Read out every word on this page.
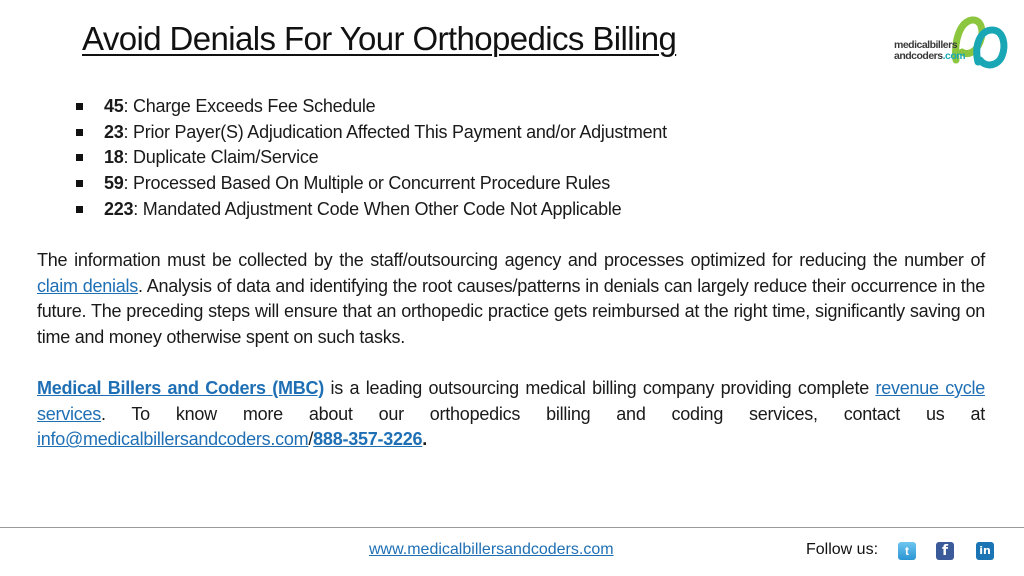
Avoid Denials For Your Orthopedics Billing	medicalbillers
andcoders.com
45: Charge Exceeds Fee Schedule
23: Prior Payer(S) Adjudication Affected This Payment and/or Adjustment
18: Duplicate Claim/Service
59: Processed Based On Multiple or Concurrent Procedure Rules
223: Mandated Adjustment Code When Other Code Not Applicable

The information must be collected by the staff/outsourcing agency and processes optimized for reducing the number of claim denials. Analysis of data and identifying the root causes/patterns in denials can largely reduce their occurrence in the future. The preceding steps will ensure that an orthopedic practice gets reimbursed at the right time, significantly saving on time and money otherwise spent on such tasks.

Medical Billers and Coders (MBC) is a leading outsourcing medical billing company providing complete revenue cycle services. To know more about our orthopedics billing and coding services, contact us at info@medicalbillersandcoders.com/888-357-3226.

www.medicalbillersandcoders.com	Follow us:	t	f	in
